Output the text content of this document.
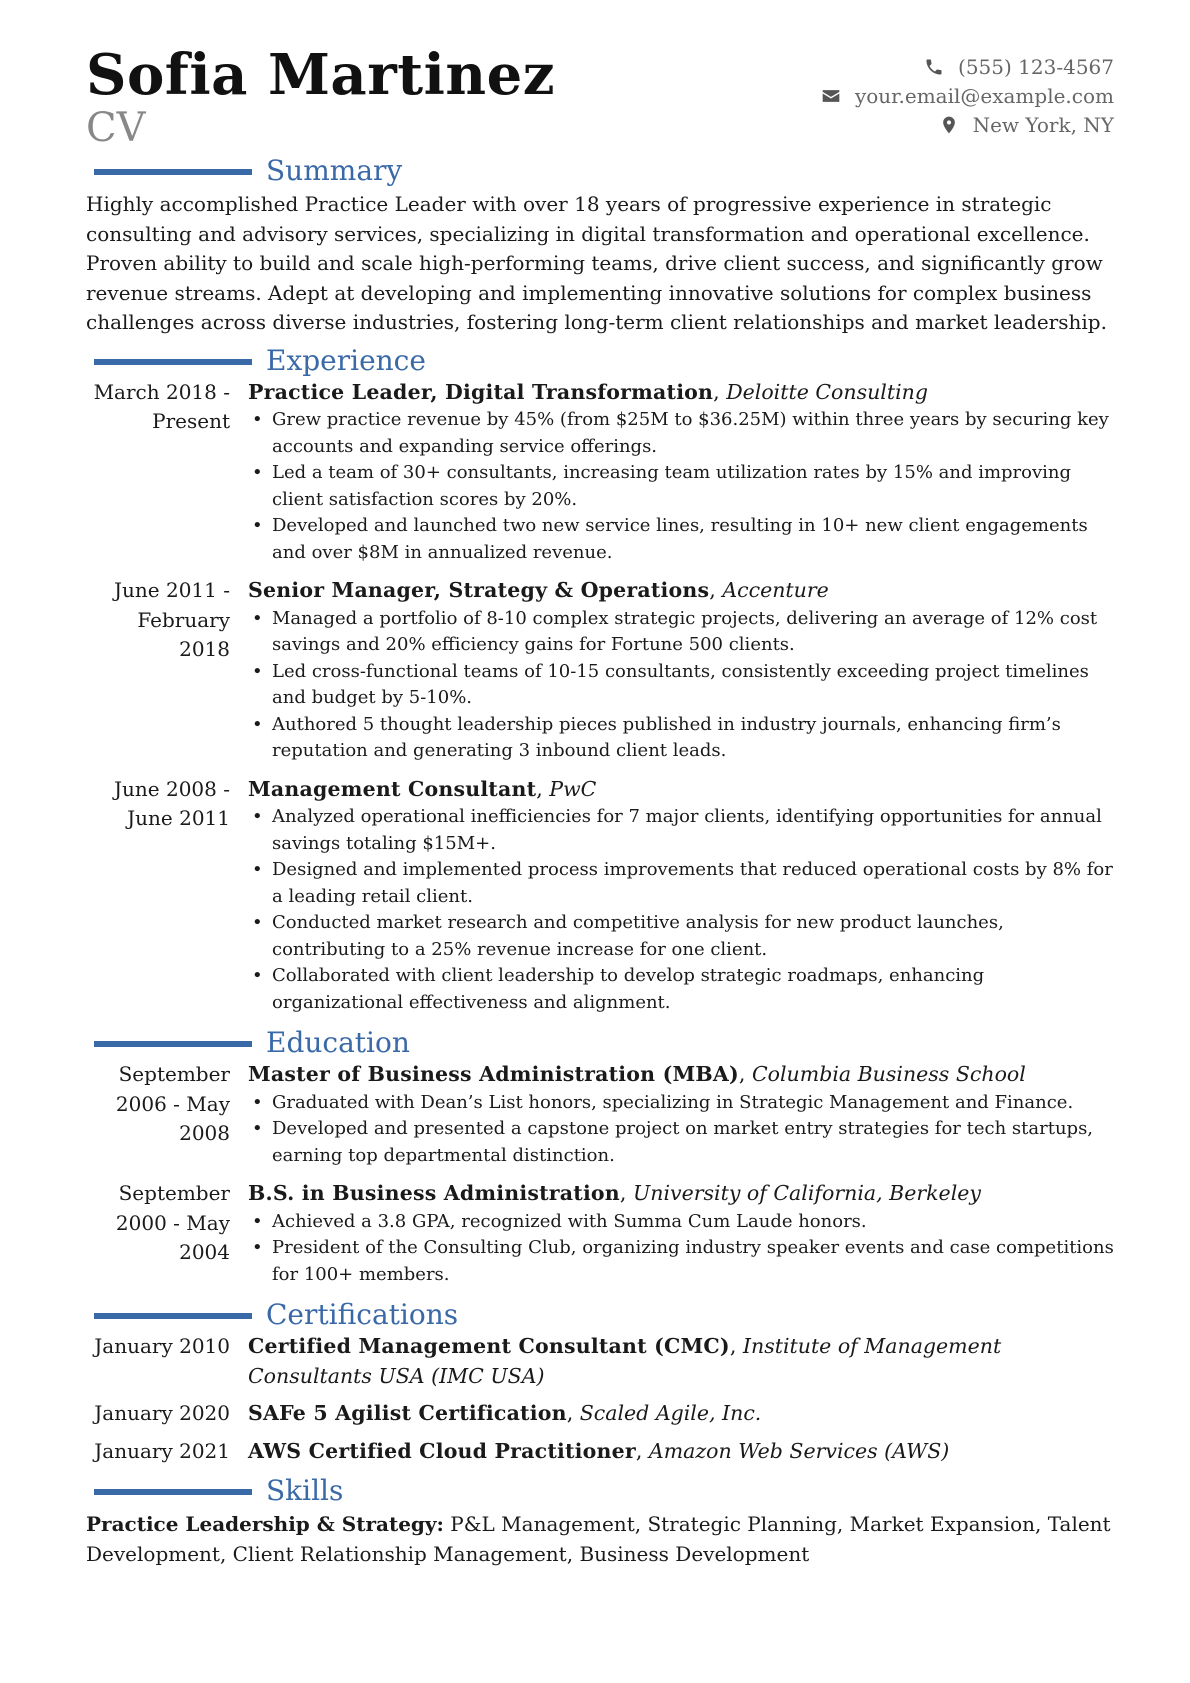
Sofia Martinez
CV
(555) 123-4567
your.email@example.com
New York, NY
Summary

Highly accomplished Practice Leader with over 18 years of progressive experience in strategic consulting and advisory services, specializing in digital transformation and operational excellence. Proven ability to build and scale high-performing teams, drive client success, and significantly grow revenue streams. Adept at developing and implementing innovative solutions for complex business challenges across diverse industries, fostering long-term client relationships and market leadership.

Experience
March 2018 - Present
Practice Leader, Digital Transformation, Deloitte Consulting
• Grew practice revenue by 45% (from $25M to $36.25M) within three years by securing key accounts and expanding service offerings.
• Led a team of 30+ consultants, increasing team utilization rates by 15% and improving client satisfaction scores by 20%.
• Developed and launched two new service lines, resulting in 10+ new client engagements and over $8M in annualized revenue.
June 2011 - February 2018
Senior Manager, Strategy & Operations, Accenture
• Managed a portfolio of 8-10 complex strategic projects, delivering an average of 12% cost savings and 20% efficiency gains for Fortune 500 clients.
• Led cross-functional teams of 10-15 consultants, consistently exceeding project timelines and budget by 5-10%.
• Authored 5 thought leadership pieces published in industry journals, enhancing firm’s reputation and generating 3 inbound client leads.
June 2008 - June 2011
Management Consultant, PwC
• Analyzed operational inefficiencies for 7 major clients, identifying opportunities for annual savings totaling $15M+.
• Designed and implemented process improvements that reduced operational costs by 8% for a leading retail client.
• Conducted market research and competitive analysis for new product launches, contributing to a 25% revenue increase for one client.
• Collaborated with client leadership to develop strategic roadmaps, enhancing organizational effectiveness and alignment.
Education
September 2006 - May 2008
Master of Business Administration (MBA), Columbia Business School
• Graduated with Dean’s List honors, specializing in Strategic Management and Finance.
• Developed and presented a capstone project on market entry strategies for tech startups, earning top departmental distinction.
September 2000 - May 2004
B.S. in Business Administration, University of California, Berkeley
• Achieved a 3.8 GPA, recognized with Summa Cum Laude honors.
• President of the Consulting Club, organizing industry speaker events and case competitions for 100+ members.
Certifications
January 2010 Certified Management Consultant (CMC), Institute of Management Consultants USA (IMC USA)
January 2020 SAFe 5 Agilist Certification, Scaled Agile, Inc.
January 2021 AWS Certified Cloud Practitioner, Amazon Web Services (AWS)
Skills
Practice Leadership & Strategy: P&L Management, Strategic Planning, Market Expansion, Talent Development, Client Relationship Management, Business Development
